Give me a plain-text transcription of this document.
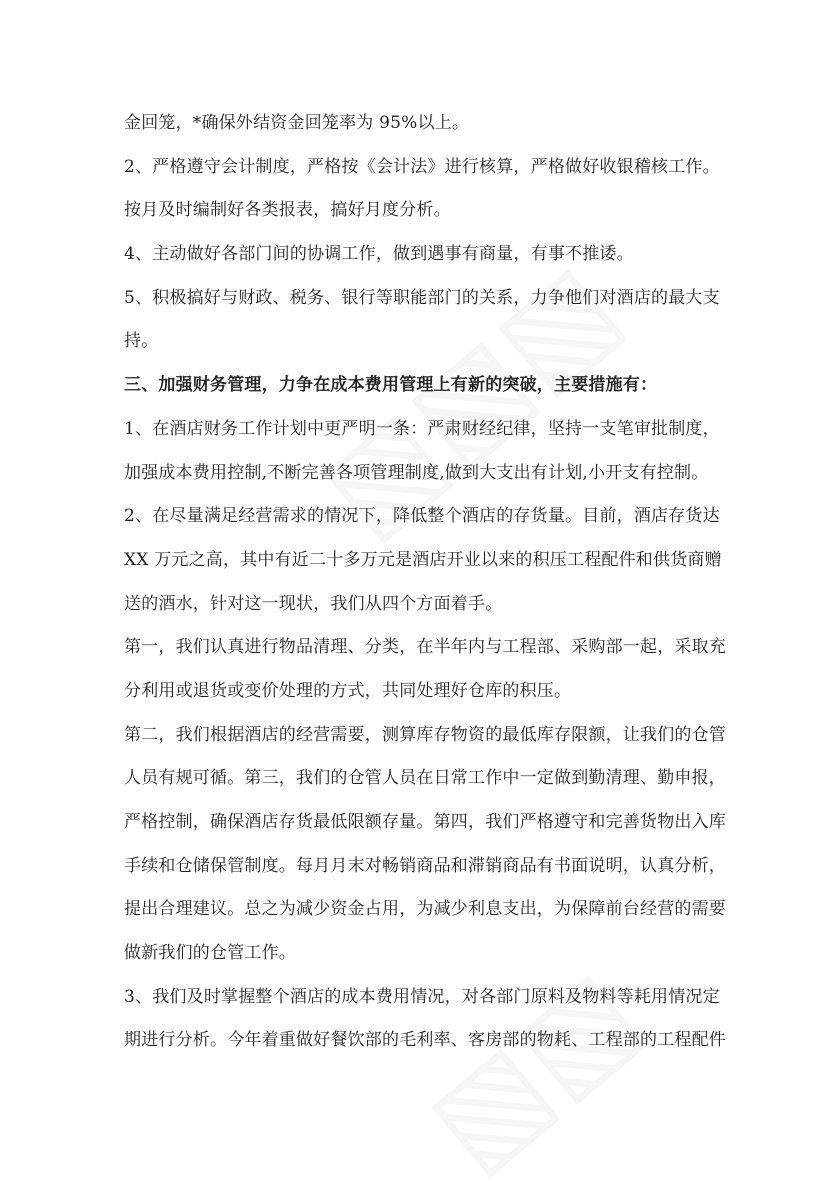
金回笼，*确保外结资金回笼率为 95%以上。
2、严格遵守会计制度，严格按《会计法》进行核算，严格做好收银稽核工作。
按月及时编制好各类报表，搞好月度分析。
4、主动做好各部门间的协调工作，做到遇事有商量，有事不推诿。
5、积极搞好与财政、税务、银行等职能部门的关系，力争他们对酒店的最大支
持。
三、加强财务管理，力争在成本费用管理上有新的突破，主要措施有：
1、在酒店财务工作计划中更严明一条：严肃财经纪律，坚持一支笔审批制度，
加强成本费用控制,不断完善各项管理制度,做到大支出有计划,小开支有控制。
2、在尽量满足经营需求的情况下，降低整个酒店的存货量。目前，酒店存货达
XX 万元之高，其中有近二十多万元是酒店开业以来的积压工程配件和供货商赠
送的酒水，针对这一现状，我们从四个方面着手。
第一，我们认真进行物品清理、分类，在半年内与工程部、采购部一起，采取充
分利用或退货或变价处理的方式，共同处理好仓库的积压。
第二，我们根据酒店的经营需要，测算库存物资的最低库存限额，让我们的仓管
人员有规可循。第三，我们的仓管人员在日常工作中一定做到勤清理、勤申报，
严格控制，确保酒店存货最低限额存量。第四，我们严格遵守和完善货物出入库
手续和仓储保管制度。每月月末对畅销商品和滞销商品有书面说明，认真分析，
提出合理建议。总之为减少资金占用，为减少利息支出，为保障前台经营的需要
做新我们的仓管工作。
3、我们及时掌握整个酒店的成本费用情况，对各部门原料及物料等耗用情况定
期进行分析。今年着重做好餐饮部的毛利率、客房部的物耗、工程部的工程配件
